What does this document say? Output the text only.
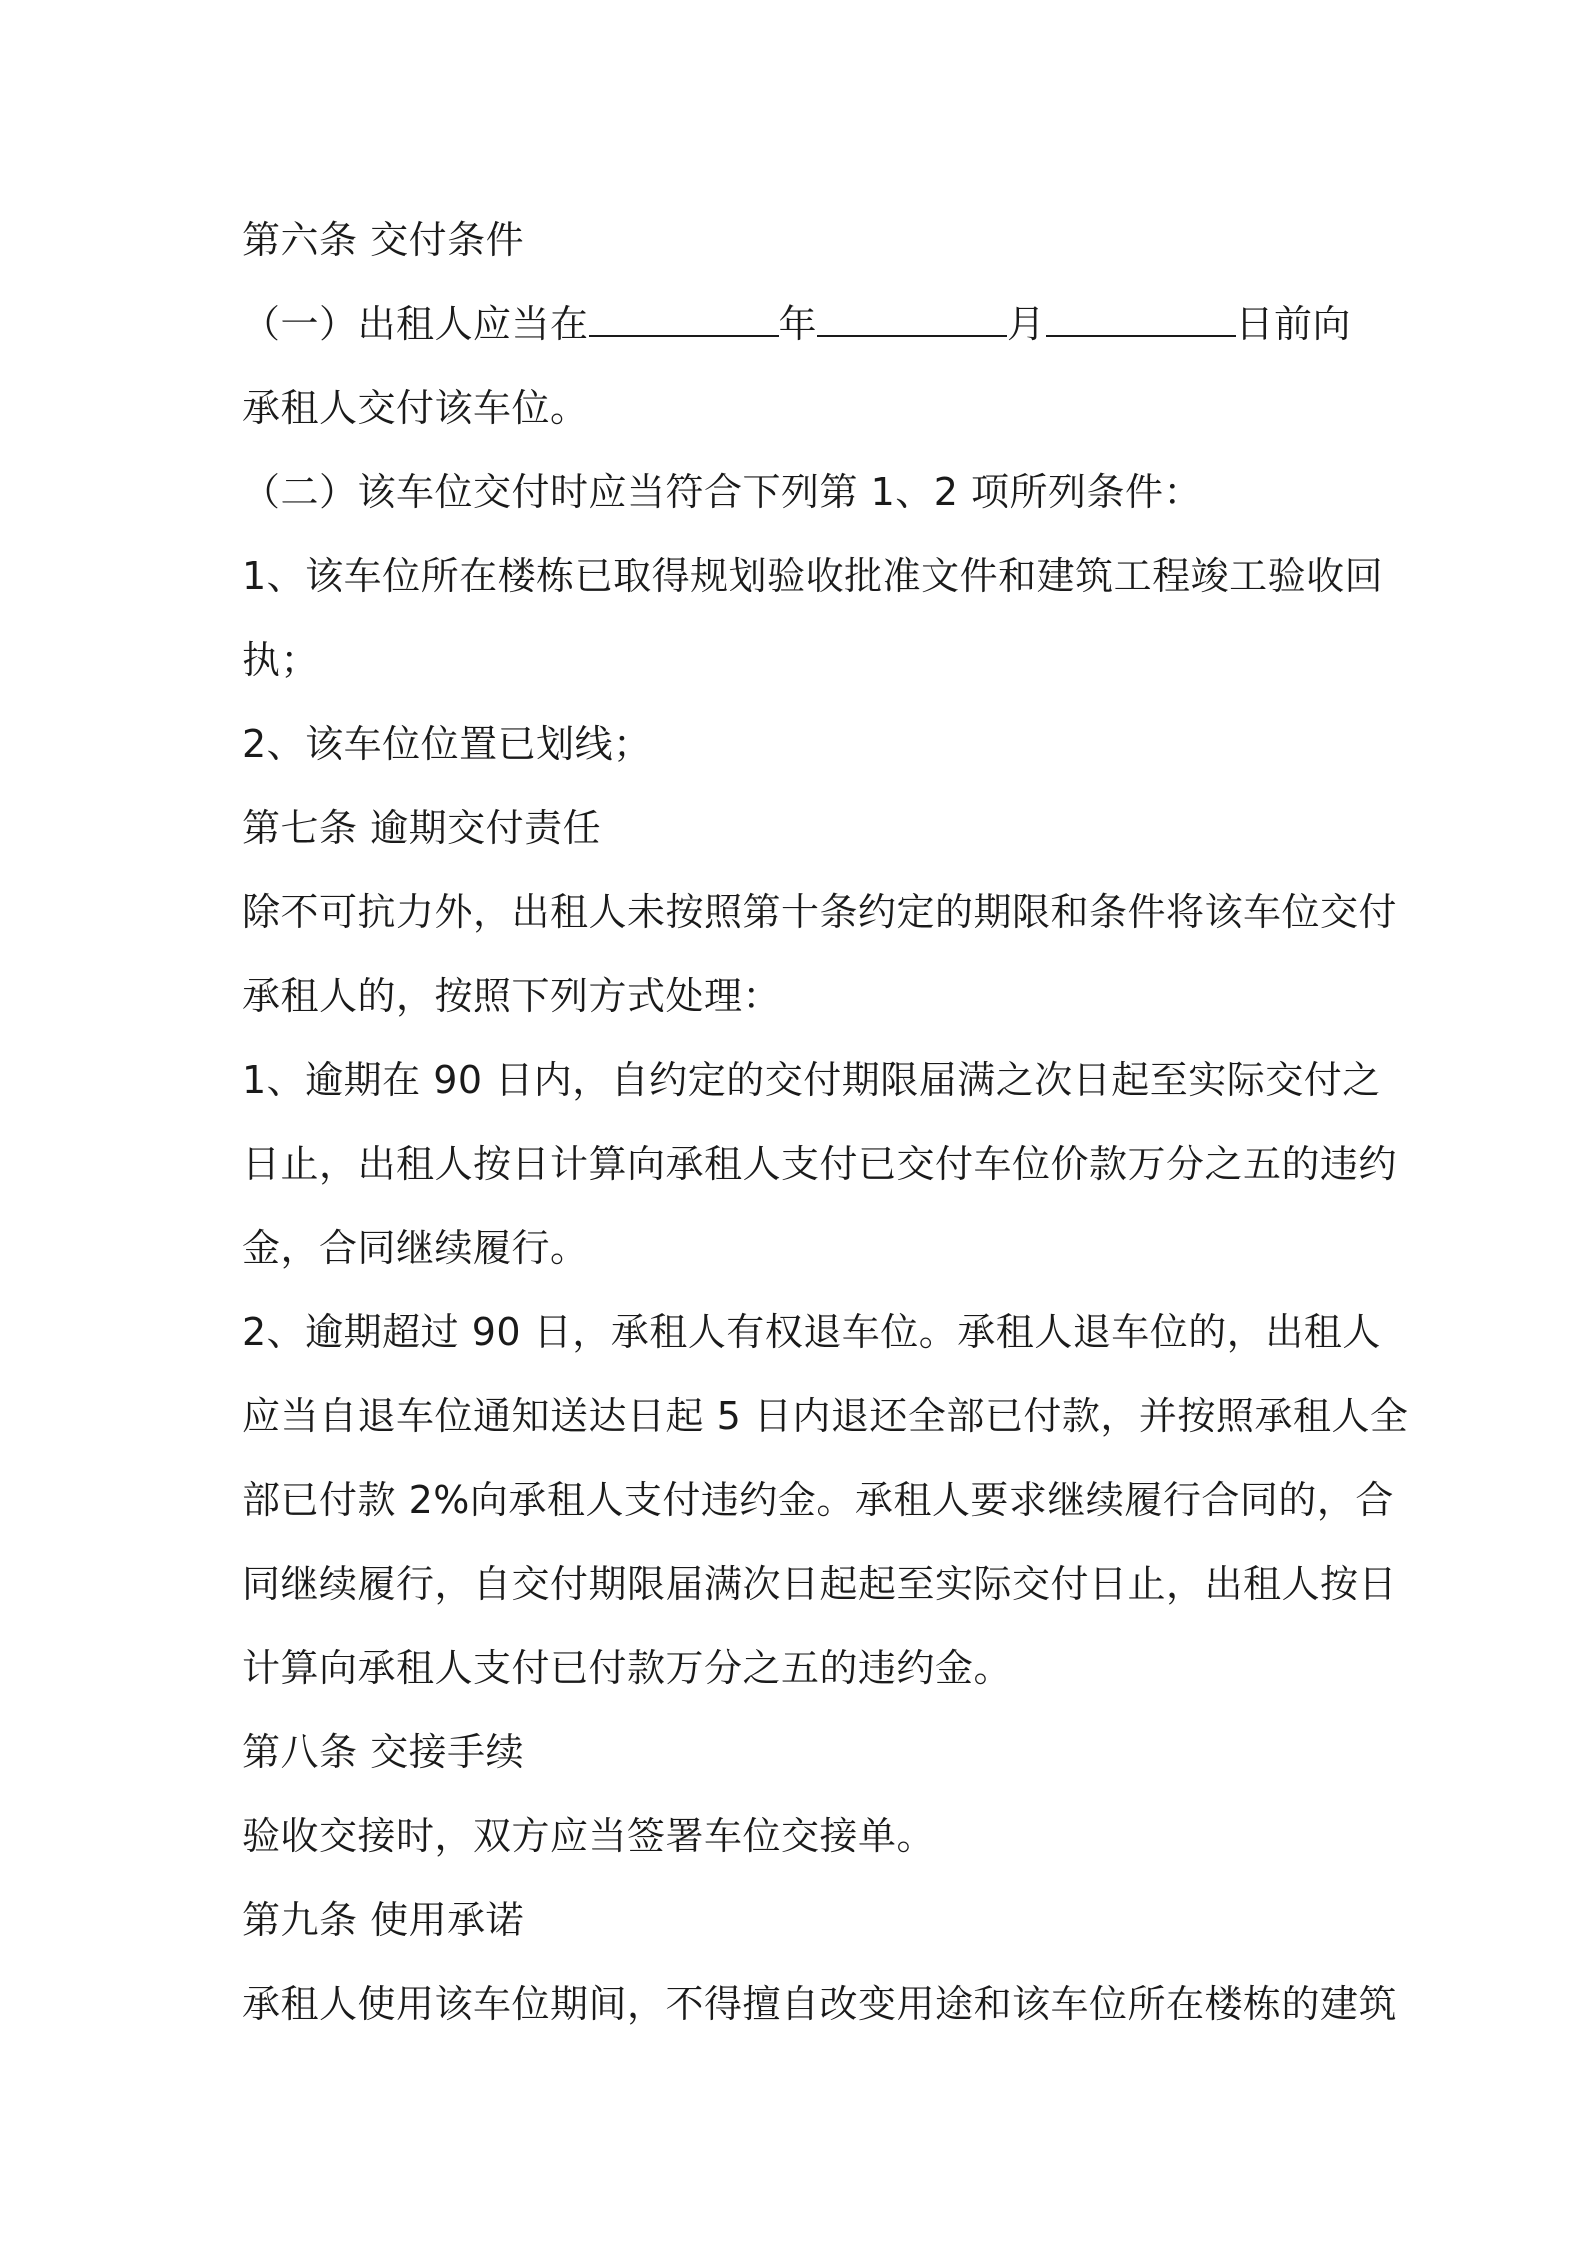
第六条 交付条件
（一）出租人应当在	年	月	日前向
承租人交付该车位。
（二）该车位交付时应当符合下列第 1、2 项所列条件：
1、该车位所在楼栋已取得规划验收批准文件和建筑工程竣工验收回
执；
2、该车位位置已划线；
第七条 逾期交付责任
除不可抗力外，出租人未按照第十条约定的期限和条件将该车位交付
承租人的，按照下列方式处理：
1、逾期在 90 日内，自约定的交付期限届满之次日起至实际交付之
日止，出租人按日计算向承租人支付已交付车位价款万分之五的违约
金，合同继续履行。
2、逾期超过 90 日，承租人有权退车位。承租人退车位的，出租人
应当自退车位通知送达日起 5 日内退还全部已付款，并按照承租人全
部已付款 2%向承租人支付违约金。承租人要求继续履行合同的，合
同继续履行，自交付期限届满次日起起至实际交付日止，出租人按日
计算向承租人支付已付款万分之五的违约金。
第八条 交接手续
验收交接时，双方应当签署车位交接单。
第九条 使用承诺
承租人使用该车位期间，不得擅自改变用途和该车位所在楼栋的建筑
